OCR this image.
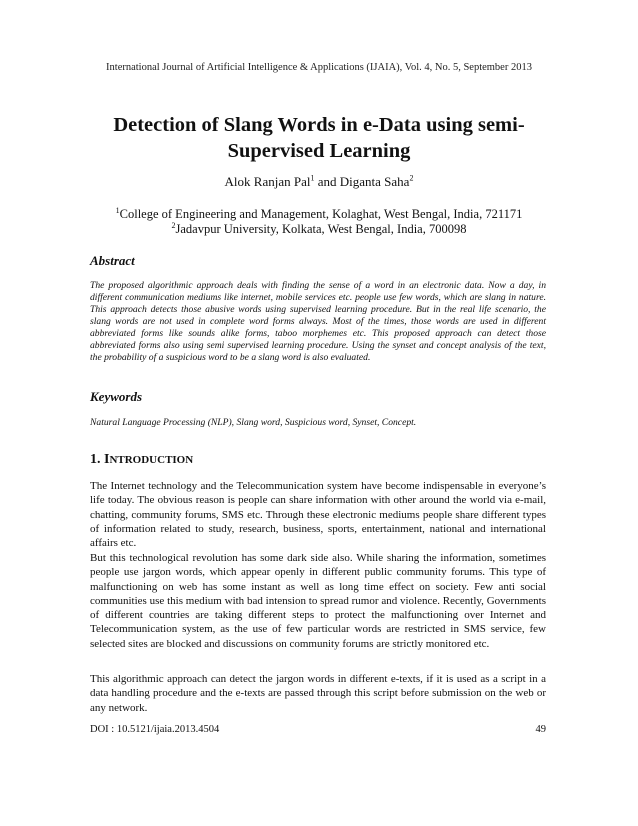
International Journal of Artificial Intelligence & Applications (IJAIA), Vol. 4, No. 5, September 2013
Detection of Slang Words in e-Data using semi-
Supervised Learning
Alok Ranjan Pal$^1$ and Diganta Saha$^2$
$^1$College of Engineering and Management, Kolaghat, West Bengal, India, 721171
$^2$Jadavpur University, Kolkata, West Bengal, India, 700098
Abstract
The proposed algorithmic approach deals with finding the sense of a word in an electronic data. Now a day, in different communication mediums like internet, mobile services etc. people use few words, which are slang in nature. This approach detects those abusive words using supervised learning procedure. But in the real life scenario, the slang words are not used in complete word forms always. Most of the times, those words are used in different abbreviated forms like sounds alike forms, taboo morphemes etc. This proposed approach can detect those abbreviated forms also using semi supervised learning procedure. Using the synset and concept analysis of the text, the probability of a suspicious word to be a slang word is also evaluated.
Keywords
Natural Language Processing (NLP), Slang word, Suspicious word, Synset, Concept.
1. INTRODUCTION
The Internet technology and the Telecommunication system have become indispensable in everyone’s life today. The obvious reason is people can share information with other around the world via e-mail, chatting, community forums, SMS etc. Through these electronic mediums people share different types of information related to study, research, business, sports, entertainment, national and international affairs etc.
But this technological revolution has some dark side also. While sharing the information, sometimes people use jargon words, which appear openly in different public community forums. This type of malfunctioning on web has some instant as well as long time effect on society. Few anti social communities use this medium with bad intension to spread rumor and violence. Recently, Governments of different countries are taking different steps to protect the malfunctioning over Internet and Telecommunication system, as the use of few particular words are restricted in SMS service, few selected sites are blocked and discussions on community forums are strictly monitored etc.
This algorithmic approach can detect the jargon words in different e-texts, if it is used as a script in a data handling procedure and the e-texts are passed through this script before submission on the web or any network.
DOI : 10.5121/ijaia.2013.4504	49
